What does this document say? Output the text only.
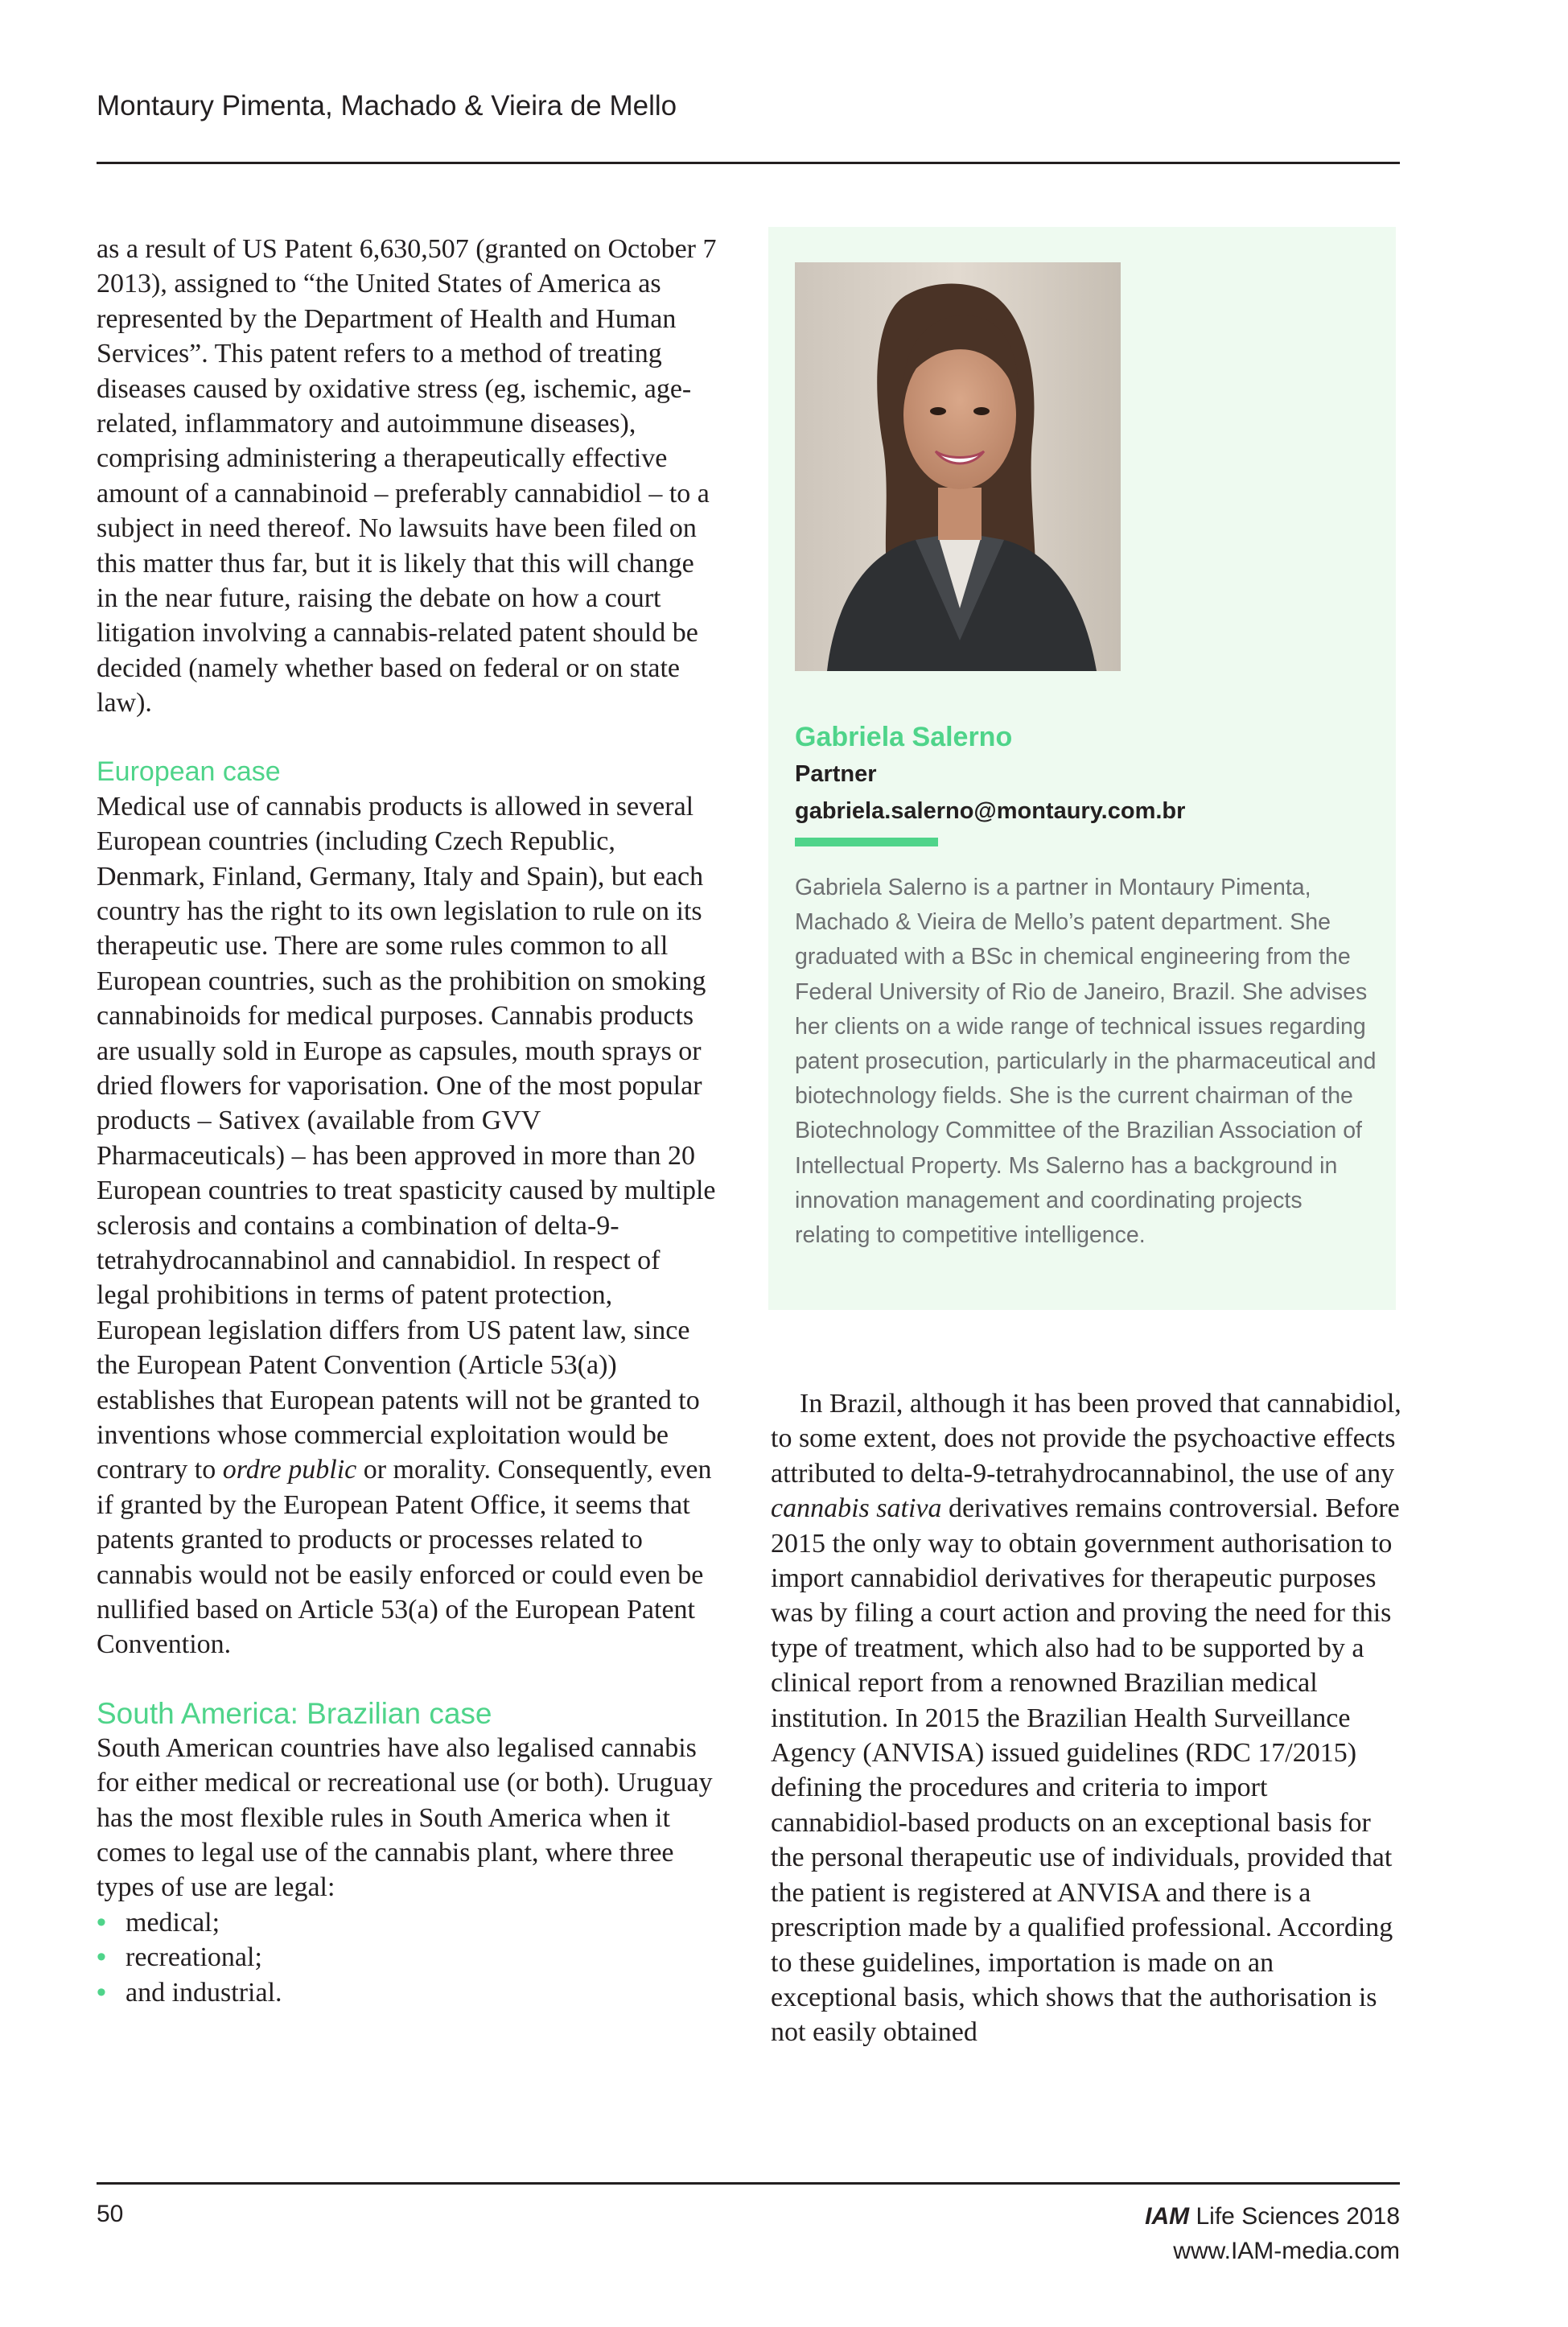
Montaury Pimenta, Machado & Vieira de Mello

as a result of US Patent 6,630,507 (granted on October 7 2013), assigned to “the United States of America as represented by the Department of Health and Human Services”. This patent refers to a method of treating diseases caused by oxidative stress (eg, ischemic, age-related, inflammatory and autoimmune diseases), comprising administering a therapeutically effective amount of a cannabinoid – preferably cannabidiol – to a subject in need thereof. No lawsuits have been filed on this matter thus far, but it is likely that this will change in the near future, raising the debate on how a court litigation involving a cannabis-related patent should be decided (namely whether based on federal or on state law).

European case

Medical use of cannabis products is allowed in several European countries (including Czech Republic, Denmark, Finland, Germany, Italy and Spain), but each country has the right to its own legislation to rule on its therapeutic use. There are some rules common to all European countries, such as the prohibition on smoking cannabinoids for medical purposes. Cannabis products are usually sold in Europe as capsules, mouth sprays or dried flowers for vaporisation. One of the most popular products – Sativex (available from GVV Pharmaceuticals) – has been approved in more than 20 European countries to treat spasticity caused by multiple sclerosis and contains a combination of delta-9-tetrahydrocannabinol and cannabidiol. In respect of legal prohibitions in terms of patent protection, European legislation differs from US patent law, since the European Patent Convention (Article 53(a)) establishes that European patents will not be granted to inventions whose commercial exploitation would be contrary to ordre public or morality. Consequently, even if granted by the European Patent Office, it seems that patents granted to products or processes related to cannabis would not be easily enforced or could even be nullified based on Article 53(a) of the European Patent Convention.

South America: Brazilian case

South American countries have also legalised cannabis for either medical or recreational use (or both). Uruguay has the most flexible rules in South America when it comes to legal use of the cannabis plant, where three types of use are legal:

• medical;
• recreational;
• and industrial.
Gabriela Salerno
Partner
gabriela.salerno@montaury.com.br
Gabriela Salerno is a partner in Montaury Pimenta, Machado & Vieira de Mello’s patent department. She graduated with a BSc in chemical engineering from the Federal University of Rio de Janeiro, Brazil. She advises her clients on a wide range of technical issues regarding patent prosecution, particularly in the pharmaceutical and biotechnology fields. She is the current chairman of the Biotechnology Committee of the Brazilian Association of Intellectual Property. Ms Salerno has a background in innovation management and coordinating projects relating to competitive intelligence.

In Brazil, although it has been proved that cannabidiol, to some extent, does not provide the psychoactive effects attributed to delta-9-tetrahydrocannabinol, the use of any cannabis sativa derivatives remains controversial. Before 2015 the only way to obtain government authorisation to import cannabidiol derivatives for therapeutic purposes was by filing a court action and proving the need for this type of treatment, which also had to be supported by a clinical report from a renowned Brazilian medical institution. In 2015 the Brazilian Health Surveillance Agency (ANVISA) issued guidelines (RDC 17/2015) defining the procedures and criteria to import cannabidiol-based products on an exceptional basis for the personal therapeutic use of individuals, provided that the patient is registered at ANVISA and there is a prescription made by a qualified professional. According to these guidelines, importation is made on an exceptional basis, which shows that the authorisation is not easily obtained

50	IAM Life Sciences 2018
www.IAM-media.com
